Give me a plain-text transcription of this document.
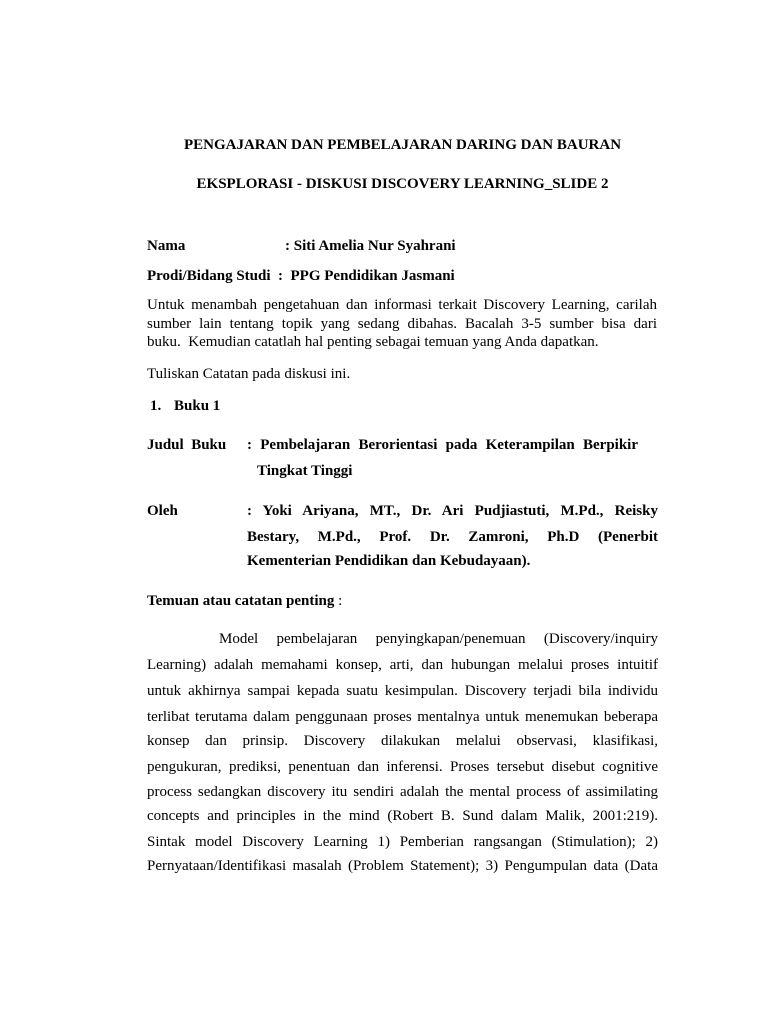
PENGAJARAN DAN PEMBELAJARAN DARING DAN BAURAN
EKSPLORASI - DISKUSI DISCOVERY LEARNING_SLIDE 2
Nama	: Siti Amelia Nur Syahrani
Prodi/Bidang Studi  :  PPG Pendidikan Jasmani
Untuk menambah pengetahuan dan informasi terkait Discovery Learning, carilah
sumber lain tentang topik yang sedang dibahas. Bacalah 3-5 sumber bisa dari
buku.  Kemudian catatlah hal penting sebagai temuan yang Anda dapatkan.
Tuliskan Catatan pada diskusi ini.
1. Buku 1
Judul  Buku : Pembelajaran Berorientasi pada Keterampilan Berpikir
Tingkat Tinggi
Oleh	: Yoki Ariyana, MT., Dr. Ari Pudjiastuti, M.Pd., Reisky
Bestary, M.Pd., Prof. Dr. Zamroni, Ph.D (Penerbit
Kementerian Pendidikan dan Kebudayaan).
Temuan atau catatan penting :
Model pembelajaran penyingkapan/penemuan (Discovery/inquiry
Learning) adalah memahami konsep, arti, dan hubungan melalui proses intuitif
untuk akhirnya sampai kepada suatu kesimpulan. Discovery terjadi bila individu
terlibat terutama dalam penggunaan proses mentalnya untuk menemukan beberapa
konsep dan prinsip. Discovery dilakukan melalui observasi, klasifikasi,
pengukuran, prediksi, penentuan dan inferensi. Proses tersebut disebut cognitive
process sedangkan discovery itu sendiri adalah the mental process of assimilating
concepts and principles in the mind (Robert B. Sund dalam Malik, 2001:219).
Sintak model Discovery Learning 1) Pemberian rangsangan (Stimulation); 2)
Pernyataan/Identifikasi masalah (Problem Statement); 3) Pengumpulan data (Data
